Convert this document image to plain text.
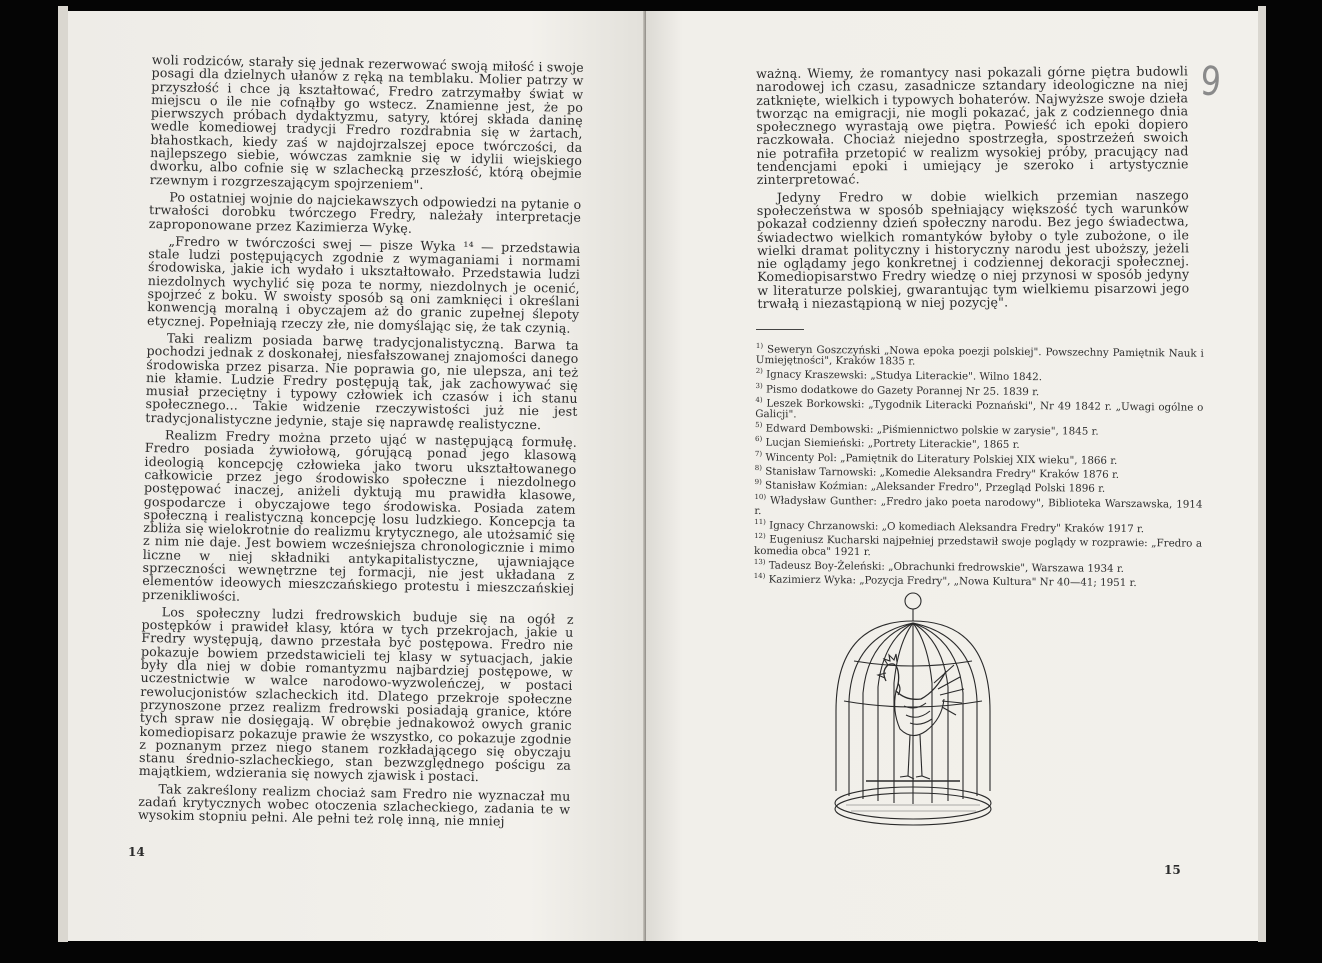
woli rodziców, starały się jednak rezerwować swoją miłość i swoje posagi dla dzielnych ułanów z ręką na temblaku. Molier patrzy w przyszłość i chce ją kształtować, Fredro zatrzymałby świat w miejscu o ile nie cofnąłby go wstecz. Znamienne jest, że po pierwszych próbach dydaktyzmu, satyry, której składa daninę wedle komediowej tradycji Fredro rozdrabnia się w żartach, błahostkach, kiedy zaś w najdojrzalszej epoce twórczości, da najlepszego siebie, wówczas zamknie się w idylii wiejskiego dworku, albo cofnie się w szlachecką przeszłość, którą obejmie rzewnym i rozgrzeszającym spojrzeniem".

Po ostatniej wojnie do najciekawszych odpowiedzi na pytanie o trwałości dorobku twórczego Fredry, należały interpretacje zaproponowane przez Kazimierza Wykę.

„Fredro w twórczości swej — pisze Wyka ¹⁴ — przedstawia stale ludzi postępujących zgodnie z wymaganiami i normami środowiska, jakie ich wydało i ukształtowało. Przedstawia ludzi niezdolnych wychylić się poza te normy, niezdolnych je ocenić, spojrzeć z boku. W swoisty sposób są oni zamknięci i określani konwencją moralną i obyczajem aż do granic zupełnej ślepoty etycznej. Popełniają rzeczy złe, nie domyślając się, że tak czynią.

Taki realizm posiada barwę tradycjonalistyczną. Barwa ta pochodzi jednak z doskonałej, niesfałszowanej znajomości danego środowiska przez pisarza. Nie poprawia go, nie ulepsza, ani też nie kłamie. Ludzie Fredry postępują tak, jak zachowywać się musiał przeciętny i typowy człowiek ich czasów i ich stanu społecznego... Takie widzenie rzeczywistości już nie jest tradycjonalistyczne jedynie, staje się naprawdę realistyczne.

Realizm Fredry można przeto ująć w następującą formułę. Fredro posiada żywiołową, górującą ponad jego klasową ideologią koncepcję człowieka jako tworu ukształtowanego całkowicie przez jego środowisko społeczne i niezdolnego postępować inaczej, aniżeli dyktują mu prawidła klasowe, gospodarcze i obyczajowe tego środowiska. Posiada zatem społeczną i realistyczną koncepcję losu ludzkiego. Koncepcja ta zbliża się wielokrotnie do realizmu krytycznego, ale utożsamić się z nim nie daje. Jest bowiem wcześniejsza chronologicznie i mimo liczne w niej składniki antykapitalistyczne, ujawniające sprzeczności wewnętrzne tej formacji, nie jest układana z elementów ideowych mieszczańskiego protestu i mieszczańskiej przenikliwości.

Los społeczny ludzi fredrowskich buduje się na ogół z postępków i prawideł klasy, która w tych przekrojach, jakie u Fredry występują, dawno przestała być postępowa. Fredro nie pokazuje bowiem przedstawicieli tej klasy w sytuacjach, jakie były dla niej w dobie romantyzmu najbardziej postępowe, w uczestnictwie w walce narodowo-wyzwoleńczej, w postaci rewolucjonistów szlacheckich itd. Dlatego przekroje społeczne przynoszone przez realizm fredrowski posiadają granice, które tych spraw nie dosięgają. W obrębie jednakowoż owych granic komediopisarz pokazuje prawie że wszystko, co pokazuje zgodnie z poznanym przez niego stanem rozkładającego się obyczaju stanu średnio-szlacheckiego, stan bezwzględnego pościgu za majątkiem, wdzierania się nowych zjawisk i postaci.

Tak zakreślony realizm chociaż sam Fredro nie wyznaczał mu zadań krytycznych wobec otoczenia szlacheckiego, zadania te w wysokim stopniu pełni. Ale pełni też rolę inną, nie mniej

14
9

ważną. Wiemy, że romantycy nasi pokazali górne piętra budowli narodowej ich czasu, zasadnicze sztandary ideologiczne na niej zatknięte, wielkich i typowych bohaterów. Najwyższe swoje dzieła tworząc na emigracji, nie mogli pokazać, jak z codziennego dnia społecznego wyrastają owe piętra. Powieść ich epoki dopiero raczkowała. Chociaż niejedno spostrzegła, spostrzeżeń swoich nie potrafiła przetopić w realizm wysokiej próby, pracujący nad tendencjami epoki i umiejący je szeroko i artystycznie zinterpretować.

Jedyny Fredro w dobie wielkich przemian naszego społeczeństwa w sposób spełniający większość tych warunków pokazał codzienny dzień społeczny narodu. Bez jego świadectwa, świadectwo wielkich romantyków byłoby o tyle zubożone, o ile wielki dramat polityczny i historyczny narodu jest uboższy, jeżeli nie oglądamy jego konkretnej i codziennej dekoracji społecznej. Komediopisarstwo Fredry wiedzę o niej przynosi w sposób jedyny w literaturze polskiej, gwarantując tym wielkiemu pisarzowi jego trwałą i niezastąpioną w niej pozycję".

$^{1)}$ Seweryn Goszczyński „Nowa epoka poezji polskiej". Powszechny Pamiętnik Nauk i Umiejętności", Kraków 1835 r.
$^{2)}$ Ignacy Kraszewski: „Studya Literackie". Wilno 1842.
$^{3)}$ Pismo dodatkowe do Gazety Porannej Nr 25. 1839 r.
$^{4)}$ Leszek Borkowski: „Tygodnik Literacki Poznański", Nr 49 1842 r. „Uwagi ogólne o Galicji".
$^{5)}$ Edward Dembowski: „Piśmiennictwo polskie w zarysie", 1845 r.
$^{6)}$ Lucjan Siemieński: „Portrety Literackie", 1865 r.
$^{7)}$ Wincenty Pol: „Pamiętnik do Literatury Polskiej XIX wieku", 1866 r.
$^{8)}$ Stanisław Tarnowski: „Komedie Aleksandra Fredry" Kraków 1876 r.
$^{9)}$ Stanisław Koźmian: „Aleksander Fredro", Przegląd Polski 1896 r.
$^{10)}$ Władysław Gunther: „Fredro jako poeta narodowy", Biblioteka Warszawska, 1914 r.
$^{11)}$ Ignacy Chrzanowski: „O komediach Aleksandra Fredry" Kraków 1917 r.
$^{12)}$ Eugeniusz Kucharski najpełniej przedstawił swoje poglądy w rozprawie: „Fredro a komedia obca" 1921 r.
$^{13)}$ Tadeusz Boy-Żeleński: „Obrachunki fredrowskie", Warszawa 1934 r.
$^{14)}$ Kazimierz Wyka: „Pozycja Fredry", „Nowa Kultura" Nr 40—41; 1951 r.
15
